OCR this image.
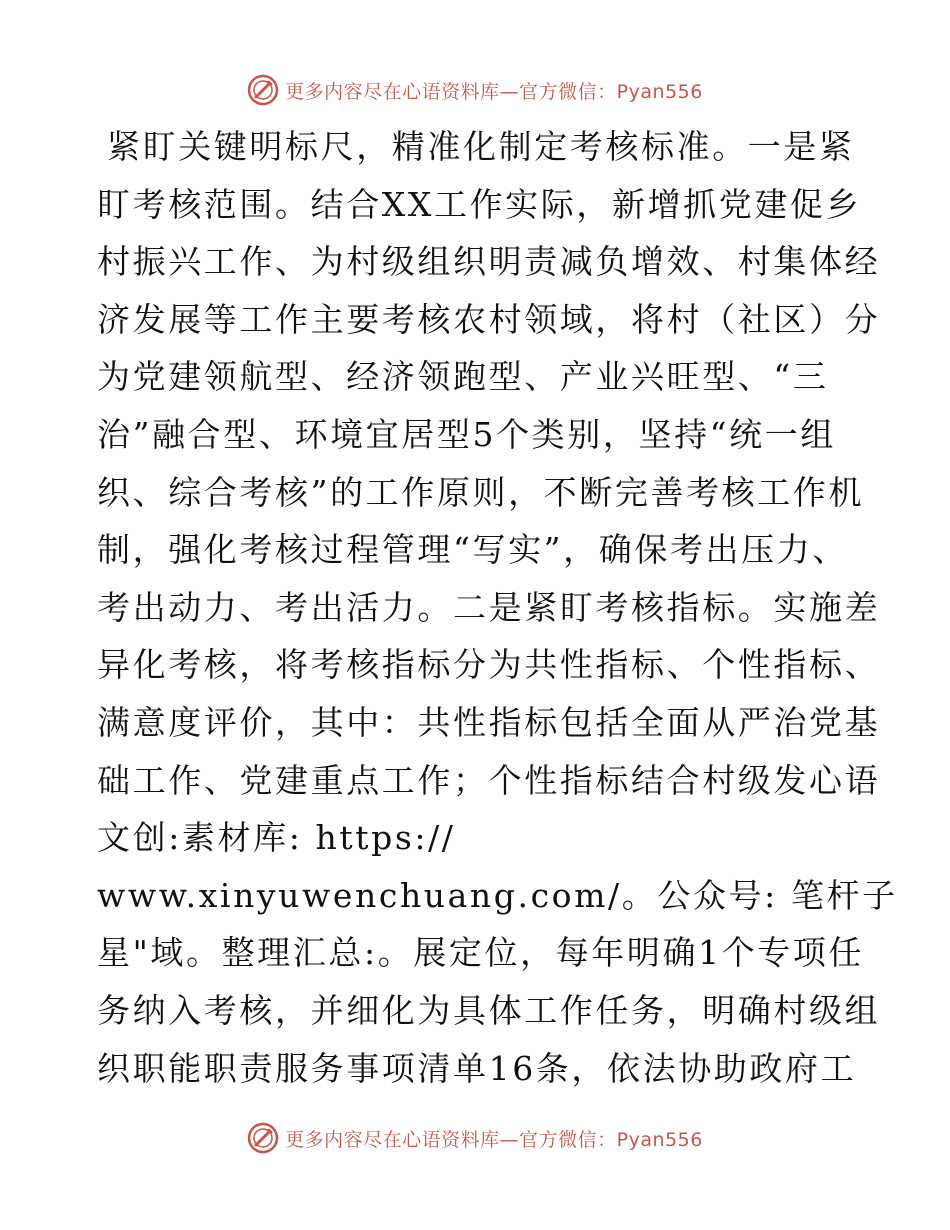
更多内容尽在心语资料库—官方微信：Pyan556
紧盯关键明标尺，精准化制定考核标准。一是紧
盯考核范围。结合XX工作实际，新增抓党建促乡
村振兴工作、为村级组织明责减负增效、村集体经
济发展等工作主要考核农村领域，将村（社区）分
为党建领航型、经济领跑型、产业兴旺型、“三
治”融合型、环境宜居型5个类别，坚持“统一组
织、综合考核”的工作原则，不断完善考核工作机
制，强化考核过程管理“写实”，确保考出压力、
考出动力、考出活力。二是紧盯考核指标。实施差
异化考核，将考核指标分为共性指标、个性指标、
满意度评价，其中：共性指标包括全面从严治党基
础工作、党建重点工作；个性指标结合村级发心语
文创:素材库: https://
www.xinyuwenchuang.com/。公众号: 笔杆子
星"域。整理汇总:。展定位，每年明确1个专项任
务纳入考核，并细化为具体工作任务，明确村级组
织职能职责服务事项清单16条，依法协助政府工
更多内容尽在心语资料库—官方微信：Pyan556
